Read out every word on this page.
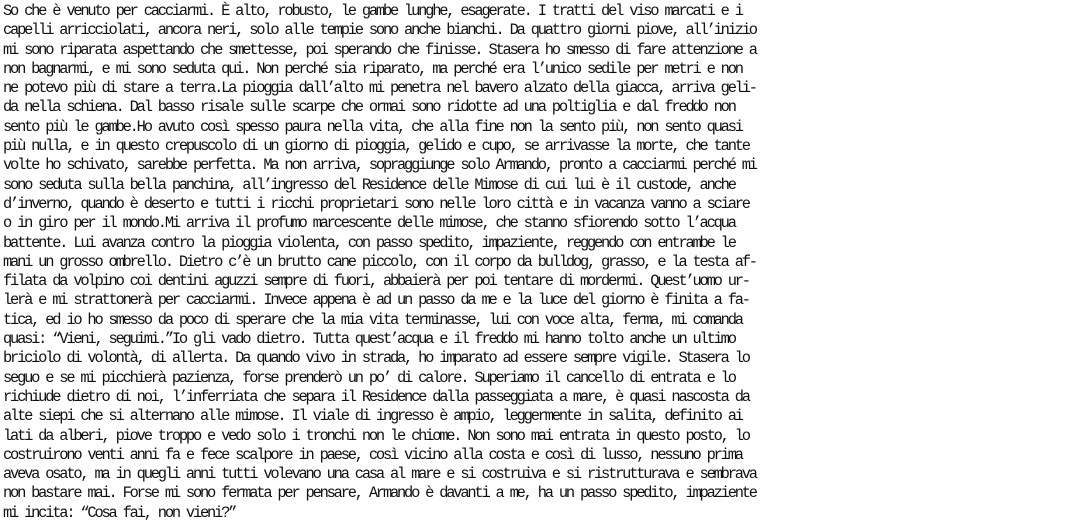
So che è venuto per cacciarmi. È alto, robusto, le gambe lunghe, esagerate. I tratti del viso marcati e i
capelli arricciolati, ancora neri, solo alle tempie sono anche bianchi. Da quattro giorni piove, all’inizio
mi sono riparata aspettando che smettesse, poi sperando che finisse. Stasera ho smesso di fare attenzione a
non bagnarmi, e mi sono seduta qui. Non perché sia riparato, ma perché era l’unico sedile per metri e non
ne potevo più di stare a terra.La pioggia dall’alto mi penetra nel bavero alzato della giacca, arriva geli-
da nella schiena. Dal basso risale sulle scarpe che ormai sono ridotte ad una poltiglia e dal freddo non
sento più le gambe.Ho avuto così spesso paura nella vita, che alla fine non la sento più, non sento quasi
più nulla, e in questo crepuscolo di un giorno di pioggia, gelido e cupo, se arrivasse la morte, che tante
volte ho schivato, sarebbe perfetta. Ma non arriva, sopraggiunge solo Armando, pronto a cacciarmi perché mi
sono seduta sulla bella panchina, all’ingresso del Residence delle Mimose di cui lui è il custode, anche
d’inverno, quando è deserto e tutti i ricchi proprietari sono nelle loro città e in vacanza vanno a sciare
o in giro per il mondo.Mi arriva il profumo marcescente delle mimose, che stanno sfiorendo sotto l’acqua
battente. Lui avanza contro la pioggia violenta, con passo spedito, impaziente, reggendo con entrambe le
mani un grosso ombrello. Dietro c’è un brutto cane piccolo, con il corpo da bulldog, grasso, e la testa af-
filata da volpino coi dentini aguzzi sempre di fuori, abbaierà per poi tentare di mordermi. Quest’uomo ur-
lerà e mi strattonerà per cacciarmi. Invece appena è ad un passo da me e la luce del giorno è finita a fa-
tica, ed io ho smesso da poco di sperare che la mia vita terminasse, lui con voce alta, ferma, mi comanda
quasi: “Vieni, seguimi.”Io gli vado dietro. Tutta quest’acqua e il freddo mi hanno tolto anche un ultimo
briciolo di volontà, di allerta. Da quando vivo in strada, ho imparato ad essere sempre vigile. Stasera lo
seguo e se mi picchierà pazienza, forse prenderò un po’ di calore. Superiamo il cancello di entrata e lo
richiude dietro di noi, l’inferriata che separa il Residence dalla passeggiata a mare, è quasi nascosta da
alte siepi che si alternano alle mimose. Il viale di ingresso è ampio, leggermente in salita, definito ai
lati da alberi, piove troppo e vedo solo i tronchi non le chiome. Non sono mai entrata in questo posto, lo
costruirono venti anni fa e fece scalpore in paese, così vicino alla costa e così di lusso, nessuno prima
aveva osato, ma in quegli anni tutti volevano una casa al mare e si costruiva e si ristrutturava e sembrava
non bastare mai. Forse mi sono fermata per pensare, Armando è davanti a me, ha un passo spedito, impaziente
mi incita: “Cosa fai, non vieni?”
